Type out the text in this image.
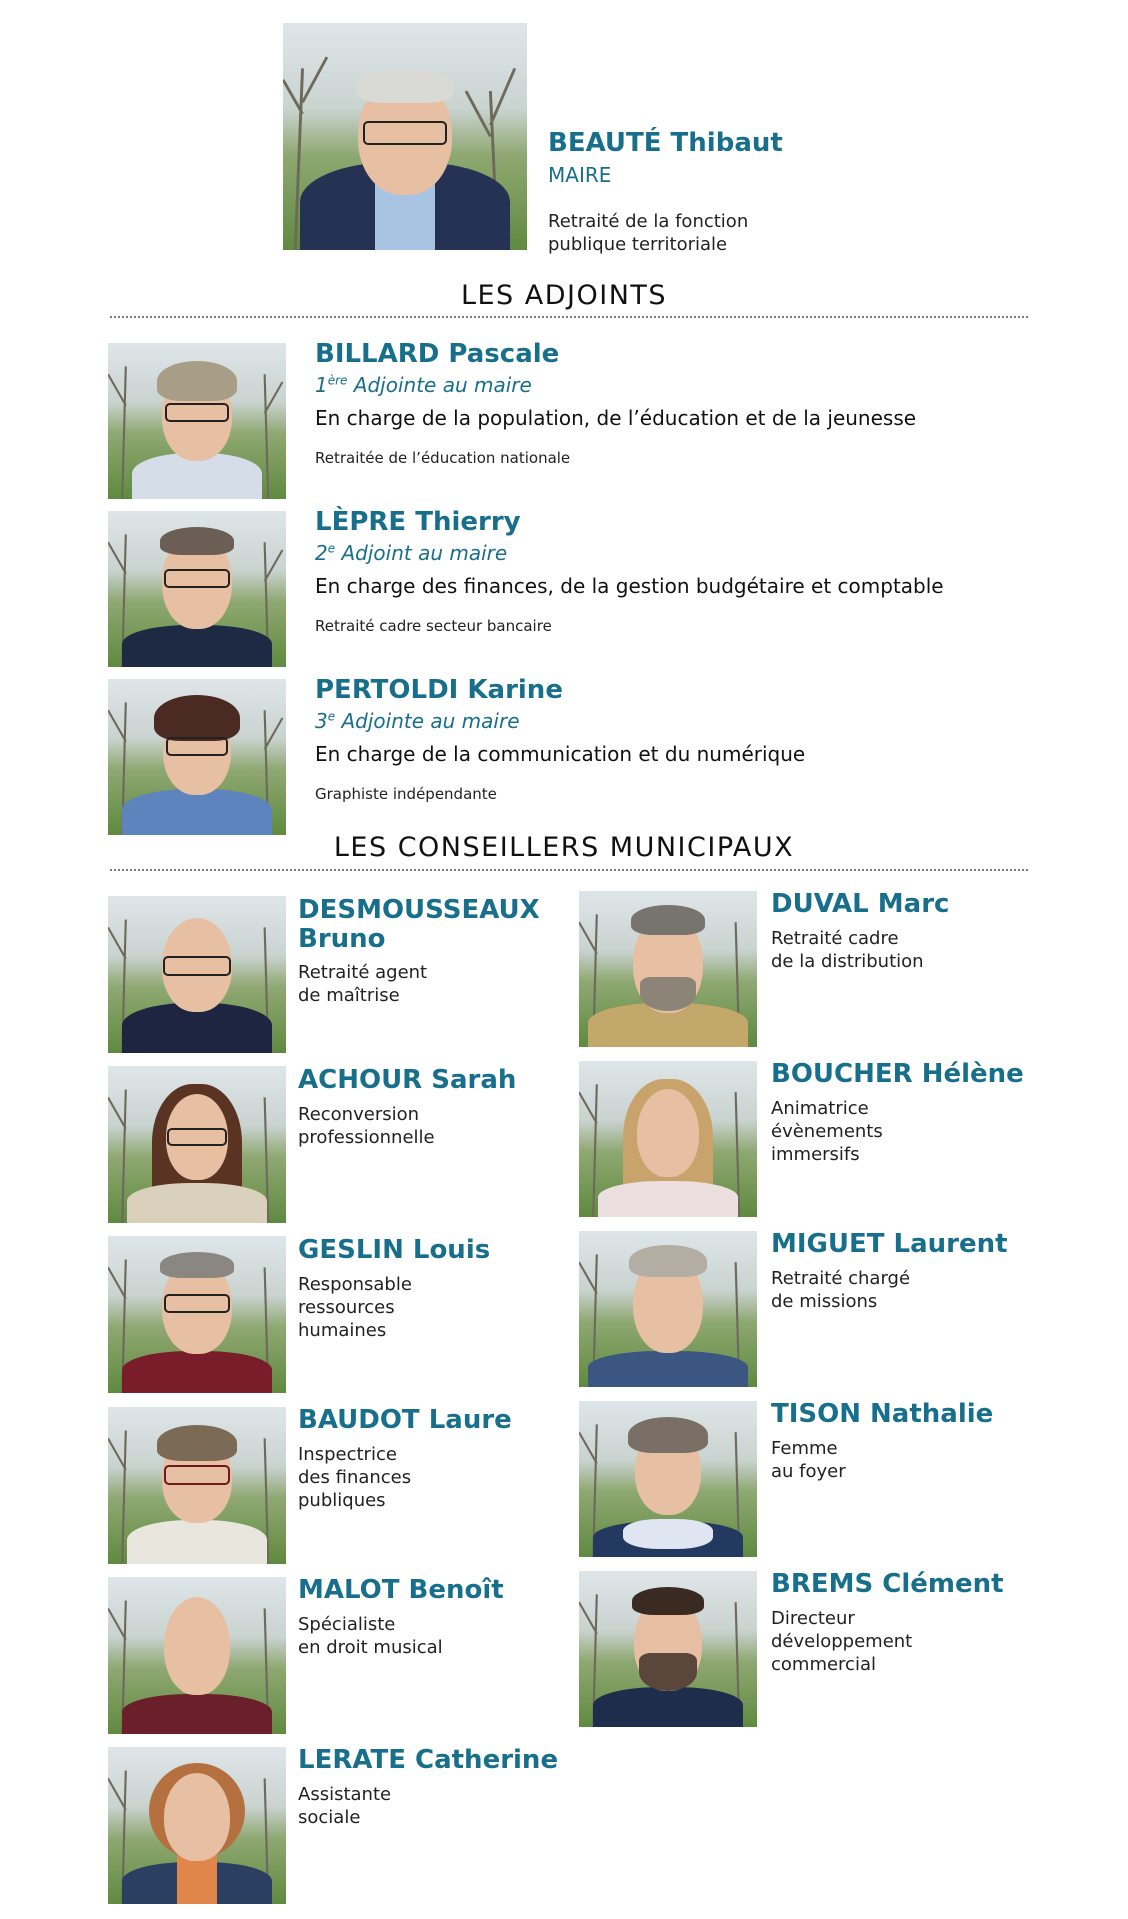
BEAUTÉ Thibaut
MAIRE
Retraité de la fonction
publique territoriale
LES ADJOINTS
BILLARD Pascale
1ère Adjointe au maire
En charge de la population, de l’éducation et de la jeunesse
Retraitée de l’éducation nationale
LÈPRE Thierry
2e Adjoint au maire
En charge des finances, de la gestion budgétaire et comptable
Retraité cadre secteur bancaire
PERTOLDI Karine
3e Adjointe au maire
En charge de la communication et du numérique
Graphiste indépendante
LES CONSEILLERS MUNICIPAUX
DESMOUSSEAUX
Bruno
Retraité agent
de maîtrise
ACHOUR Sarah
Reconversion
professionnelle
GESLIN Louis
Responsable
ressources
humaines
BAUDOT Laure
Inspectrice
des finances
publiques
MALOT Benoît
Spécialiste
en droit musical
LERATE Catherine
Assistante
sociale
DUVAL Marc
Retraité cadre
de la distribution
BOUCHER Hélène
Animatrice
évènements
immersifs
MIGUET Laurent
Retraité chargé
de missions
TISON Nathalie
Femme
au foyer
BREMS Clément
Directeur
développement
commercial
